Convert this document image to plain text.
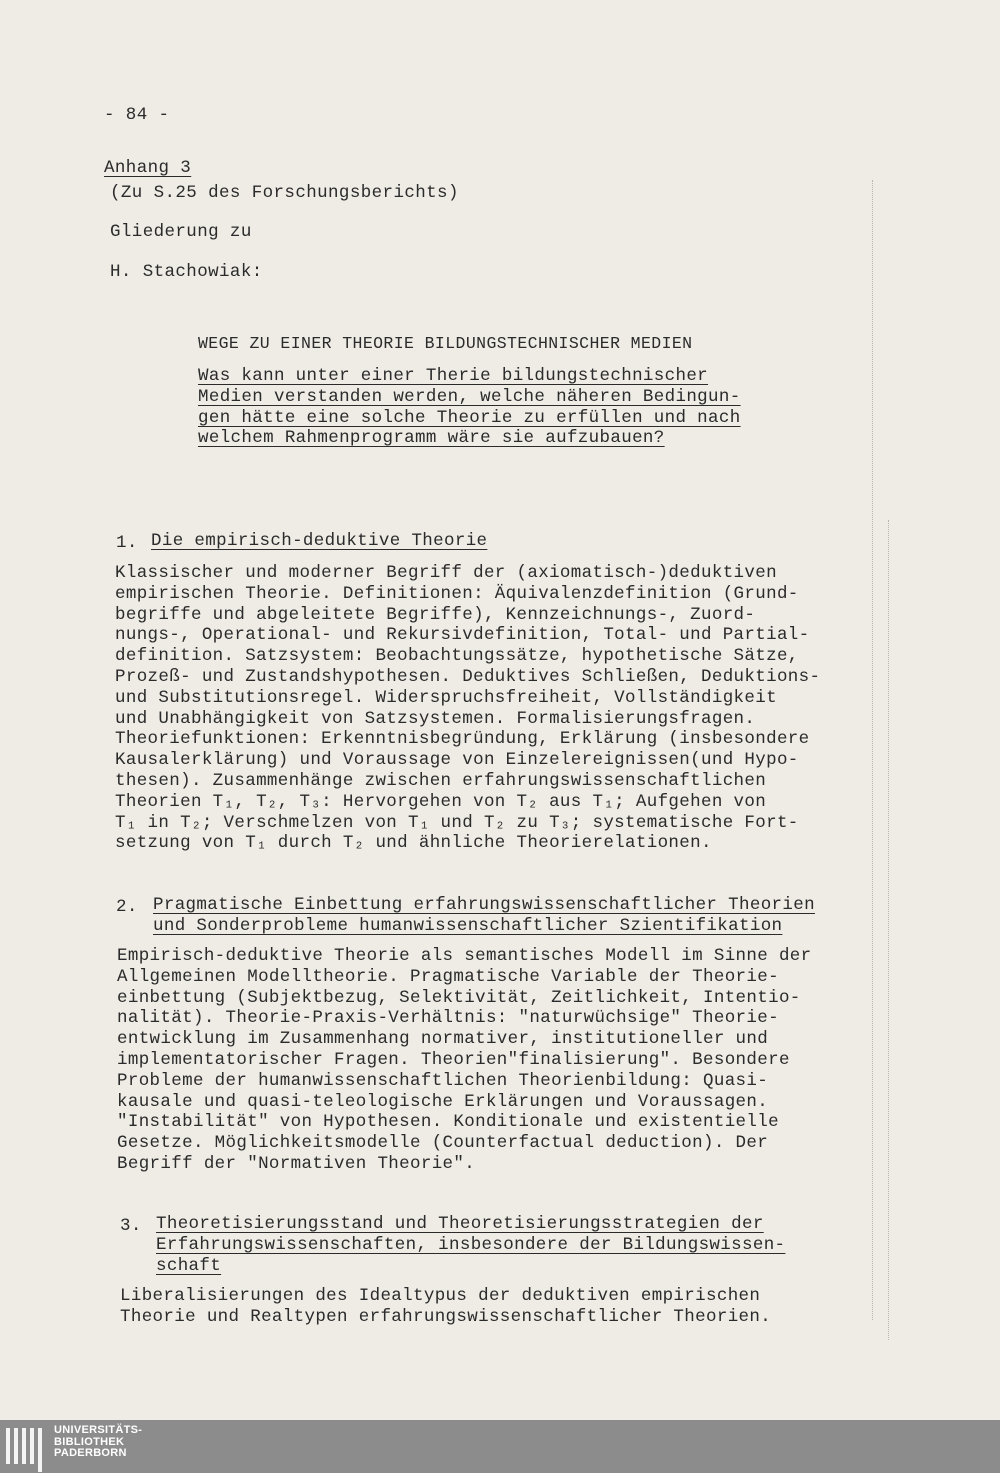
- 84 -
Anhang 3
(Zu S.25 des Forschungsberichts)
Gliederung zu
H. Stachowiak:
WEGE ZU EINER THEORIE BILDUNGSTECHNISCHER MEDIEN
Was kann unter einer Therie bildungstechnischer
Medien verstanden werden, welche näheren Bedingun-
gen hätte eine solche Theorie zu erfüllen und nach
welchem Rahmenprogramm wäre sie aufzubauen?
1. Die empirisch-deduktive Theorie
Klassischer und moderner Begriff der (axiomatisch-)deduktiven
empirischen Theorie. Definitionen: Äquivalenzdefinition (Grund-
begriffe und abgeleitete Begriffe), Kennzeichnungs-, Zuord-
nungs-, Operational- und Rekursivdefinition, Total- und Partial-
definition. Satzsystem: Beobachtungssätze, hypothetische Sätze,
Prozeß- und Zustandshypothesen. Deduktives Schließen, Deduktions-
und Substitutionsregel. Widerspruchsfreiheit, Vollständigkeit
und Unabhängigkeit von Satzsystemen. Formalisierungsfragen.
Theoriefunktionen: Erkenntnisbegründung, Erklärung (insbesondere
Kausalerklärung) und Voraussage von Einzelereignissen(und Hypo-
thesen). Zusammenhänge zwischen erfahrungswissenschaftlichen
Theorien T₁, T₂, T₃: Hervorgehen von T₂ aus T₁; Aufgehen von
T₁ in T₂; Verschmelzen von T₁ und T₂ zu T₃; systematische Fort-
setzung von T₁ durch T₂ und ähnliche Theorierelationen.
2. Pragmatische Einbettung erfahrungswissenschaftlicher Theorien
und Sonderprobleme humanwissenschaftlicher Szientifikation
Empirisch-deduktive Theorie als semantisches Modell im Sinne der
Allgemeinen Modelltheorie. Pragmatische Variable der Theorie-
einbettung (Subjektbezug, Selektivität, Zeitlichkeit, Intentio-
nalität). Theorie-Praxis-Verhältnis: "naturwüchsige" Theorie-
entwicklung im Zusammenhang normativer, institutioneller und
implementatorischer Fragen. Theorien"finalisierung". Besondere
Probleme der humanwissenschaftlichen Theorienbildung: Quasi-
kausale und quasi-teleologische Erklärungen und Voraussagen.
"Instabilität" von Hypothesen. Konditionale und existentielle
Gesetze. Möglichkeitsmodelle (Counterfactual deduction). Der
Begriff der "Normativen Theorie".
3. Theoretisierungsstand und Theoretisierungsstrategien der
Erfahrungswissenschaften, insbesondere der Bildungswissen-
schaft
Liberalisierungen des Idealtypus der deduktiven empirischen
Theorie und Realtypen erfahrungswissenschaftlicher Theorien.
UNIVERSITÄTS-
BIBLIOTHEK
PADERBORN
